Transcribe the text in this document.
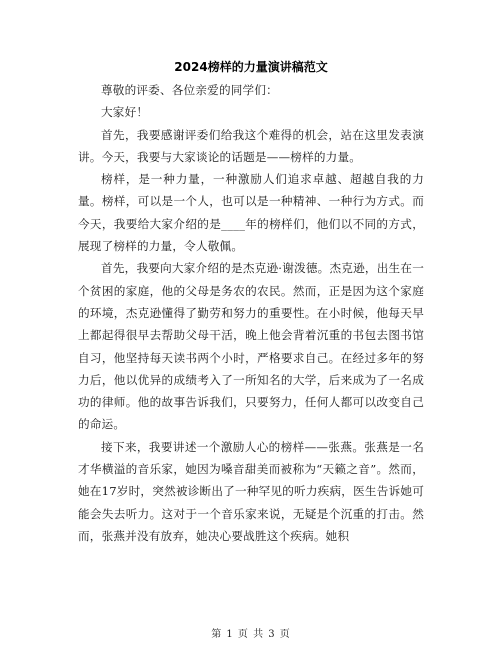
2024榜样的力量演讲稿范文

尊敬的评委、各位亲爱的同学们：

大家好！

首先，我要感谢评委们给我这个难得的机会，站在这里发表演讲。今天，我要与大家谈论的话题是——榜样的力量。

榜样，是一种力量，一种激励人们追求卓越、超越自我的力量。榜样，可以是一个人，也可以是一种精神、一种行为方式。而今天，我要给大家介绍的是____年的榜样们，他们以不同的方式，展现了榜样的力量，令人敬佩。

首先，我要向大家介绍的是杰克逊·谢泼德。杰克逊，出生在一个贫困的家庭，他的父母是务农的农民。然而，正是因为这个家庭的环境，杰克逊懂得了勤劳和努力的重要性。在小时候，他每天早上都起得很早去帮助父母干活，晚上他会背着沉重的书包去图书馆自习，他坚持每天读书两个小时，严格要求自己。在经过多年的努力后，他以优异的成绩考入了一所知名的大学，后来成为了一名成功的律师。他的故事告诉我们，只要努力，任何人都可以改变自己的命运。

接下来，我要讲述一个激励人心的榜样——张燕。张燕是一名才华横溢的音乐家，她因为嗓音甜美而被称为“天籁之音”。然而，她在17岁时，突然被诊断出了一种罕见的听力疾病，医生告诉她可能会失去听力。这对于一个音乐家来说，无疑是个沉重的打击。然而，张燕并没有放弃，她决心要战胜这个疾病。她积

第 1 页 共 3 页
